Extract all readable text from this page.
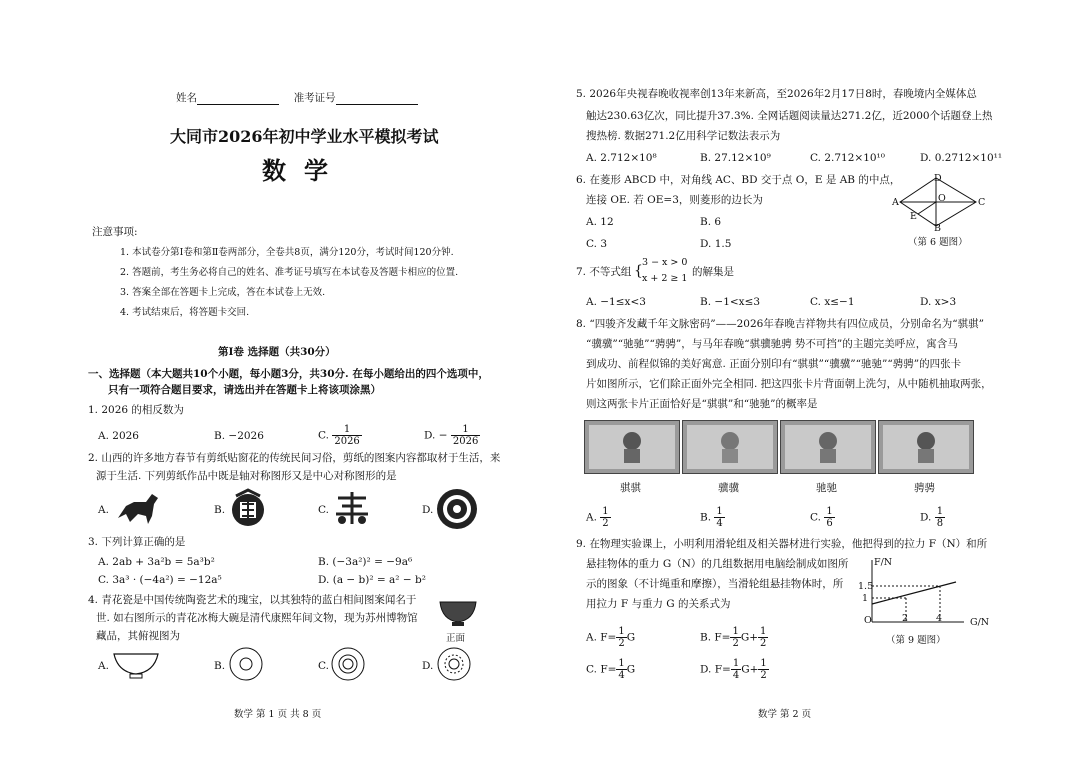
姓名	准考证号
大同市2026年初中学业水平模拟考试
数学
注意事项:
1. 本试卷分第Ⅰ卷和第Ⅱ卷两部分，全卷共8页，满分120分，考试时间120分钟.
2. 答题前，考生务必将自己的姓名、准考证号填写在本试卷及答题卡相应的位置.
3. 答案全部在答题卡上完成，答在本试卷上无效.
4. 考试结束后，将答题卡交回.
第Ⅰ卷 选择题（共30分）
一、选择题（本大题共10个小题，每小题3分，共30分. 在每小题给出的四个选项中，
只有一项符合题目要求，请选出并在答题卡上将该项涂黑）
1. 2026 的相反数为
A. 2026	B. −2026	C. $\frac{1}{2026}$	D. − $\frac{1}{2026}$
2. 山西的许多地方春节有剪纸贴窗花的传统民间习俗，剪纸的图案内容都取材于生活，来
源于生活. 下列剪纸作品中既是轴对称图形又是中心对称图形的是
A.	B.	C.	D.
3. 下列计算正确的是
A. 2ab + 3a²b = 5a³b²	B. (−3a²)² = −9a⁶
C. 3a³ · (−4a²) = −12a⁵	D. (a − b)² = a² − b²
4. 青花瓷是中国传统陶瓷艺术的瑰宝，以其独特的蓝白相间图案闻名于
世. 如右图所示的青花冰梅大碗是清代康熙年间文物，现为苏州博物馆
藏品，其俯视图为	正面
A.	B.	C.	D.
数学 第 1 页 共 8 页
5. 2026年央视春晚收视率创13年来新高，至2026年2月17日8时，春晚境内全媒体总
触达230.63亿次，同比提升37.3%. 全网话题阅读量达271.2亿，近2000个话题登上热
搜热榜. 数据271.2亿用科学记数法表示为
A. 2.712×10⁸	B. 27.12×10⁹	C. 2.712×10¹⁰	D. 0.2712×10¹¹
6. 在菱形 ABCD 中，对角线 AC、BD 交于点 O，E 是 AB 的中点，
连接 OE. 若 OE=3，则菱形的边长为
A. 12	B. 6
C. 3	D. 1.5
A	C
D
B
O
E
（第 6 题图）
7. 不等式组 {
3 − x > 0
x + 2 ≥ 1
的解集是
A. −1≤x<3	B. −1<x≤3	C. x≤−1	D. x>3
8. “四骏齐发藏千年文脉密码”——2026年春晚吉祥物共有四位成员，分别命名为“骐骐”
“骥骥”“驰驰”“骋骋”，与马年春晚“骐骥驰骋 势不可挡”的主题完美呼应，寓含马
到成功、前程似锦的美好寓意. 正面分别印有“骐骐”“骥骥”“驰驰”“骋骋”的四张卡
片如图所示，它们除正面外完全相同. 把这四张卡片背面朝上洗匀，从中随机抽取两张，
则这两张卡片正面恰好是“骐骐”和“驰驰”的概率是
骐骐	骥骥	驰驰	骋骋
A. $\frac{1}{2}$	B. $\frac{1}{4}$	C. $\frac{1}{6}$	D. $\frac{1}{8}$
9. 在物理实验课上，小明利用滑轮组及相关器材进行实验，他把得到的拉力 F（N）和所
悬挂物体的重力 G（N）的几组数据用电脑绘制成如图所
示的图象（不计绳重和摩擦），当滑轮组悬挂物体时，所
用拉力 F 与重力 G 的关系式为
F/N
G/N
1.5
1
2	4
O
（第 9 题图）
A. $F= \frac{1}{2}$ G	B. $F= \frac{1}{2} G+ \frac{1}{2}$
C. $F= \frac{1}{4}$ G	D. $F= \frac{1}{4} G+ \frac{1}{2}$
数学 第 2 页
